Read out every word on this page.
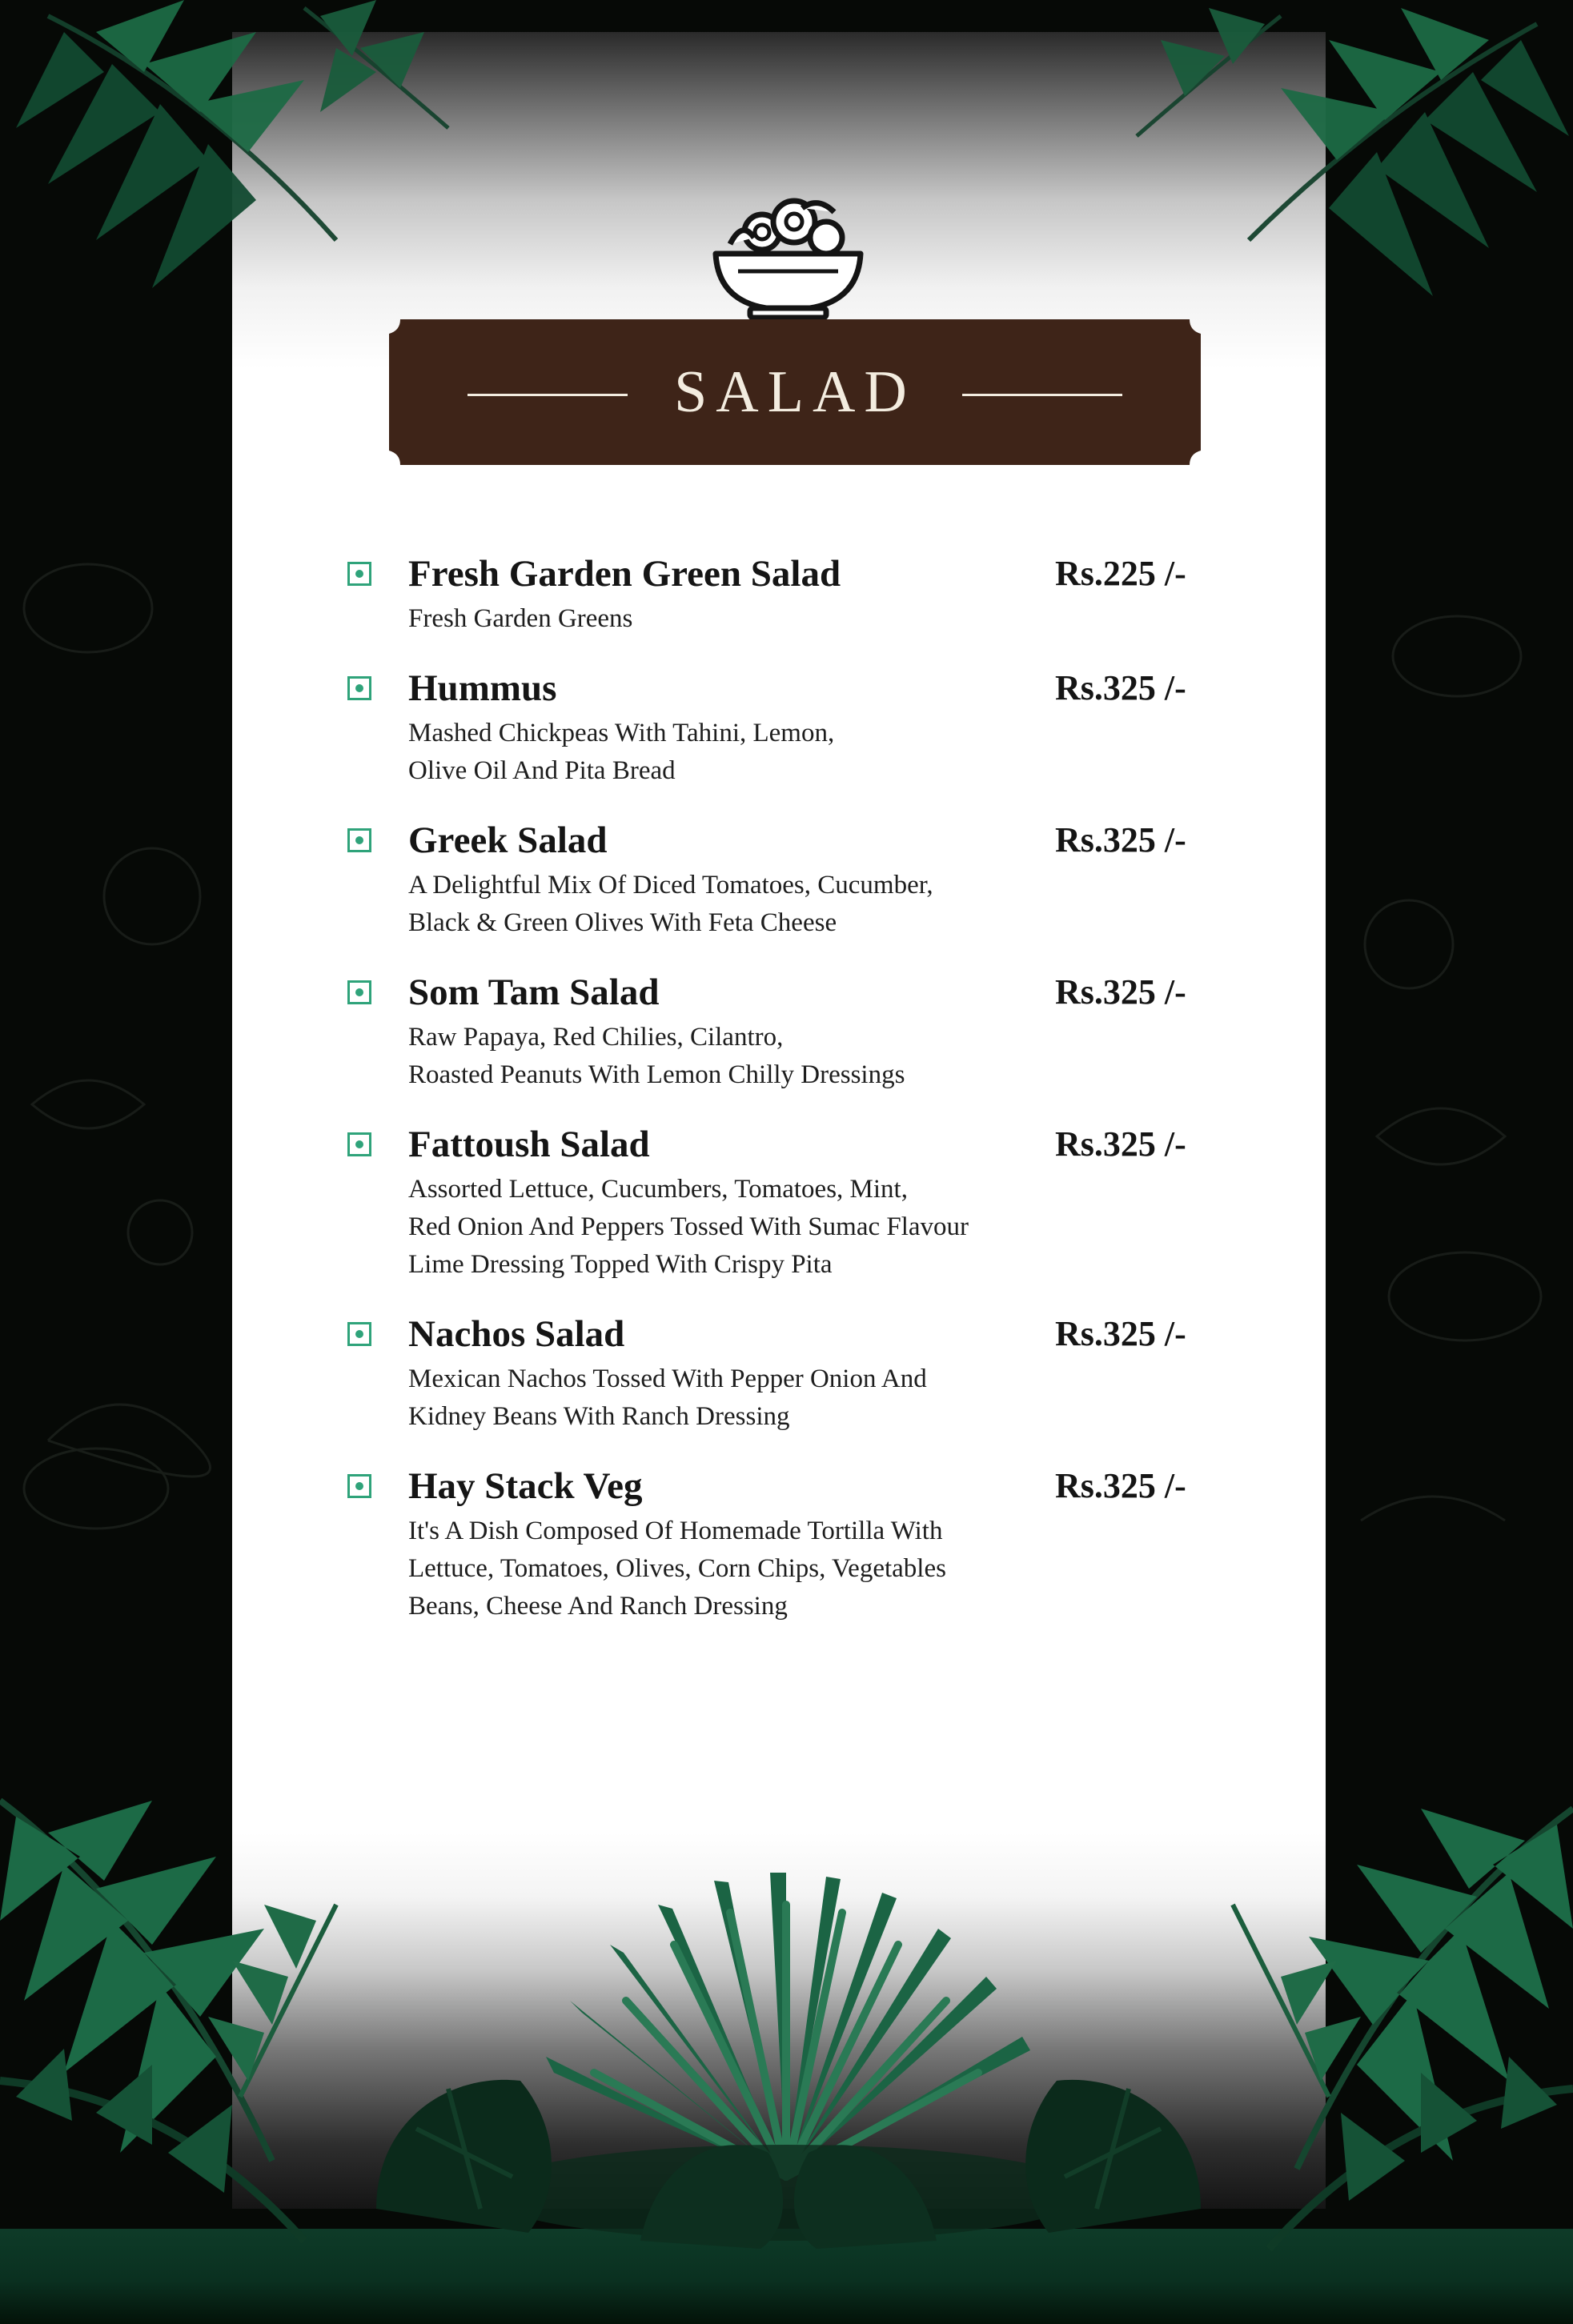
SALAD
Fresh Garden Green Salad	Rs.225 /-
Fresh Garden Greens
Hummus	Rs.325 /-
Mashed Chickpeas With Tahini, Lemon,
Olive Oil And Pita Bread
Greek Salad	Rs.325 /-
A Delightful Mix Of Diced Tomatoes, Cucumber,
Black & Green Olives With Feta Cheese
Som Tam Salad	Rs.325 /-
Raw Papaya, Red Chilies, Cilantro,
Roasted Peanuts With Lemon Chilly Dressings
Fattoush Salad	Rs.325 /-
Assorted Lettuce, Cucumbers, Tomatoes, Mint,
Red Onion And Peppers Tossed With Sumac Flavour
Lime Dressing Topped With Crispy Pita
Nachos Salad	Rs.325 /-
Mexican Nachos Tossed With Pepper Onion And
Kidney Beans With Ranch Dressing
Hay Stack Veg	Rs.325 /-
It's A Dish Composed Of Homemade Tortilla With
Lettuce, Tomatoes, Olives, Corn Chips, Vegetables
Beans, Cheese And Ranch Dressing
